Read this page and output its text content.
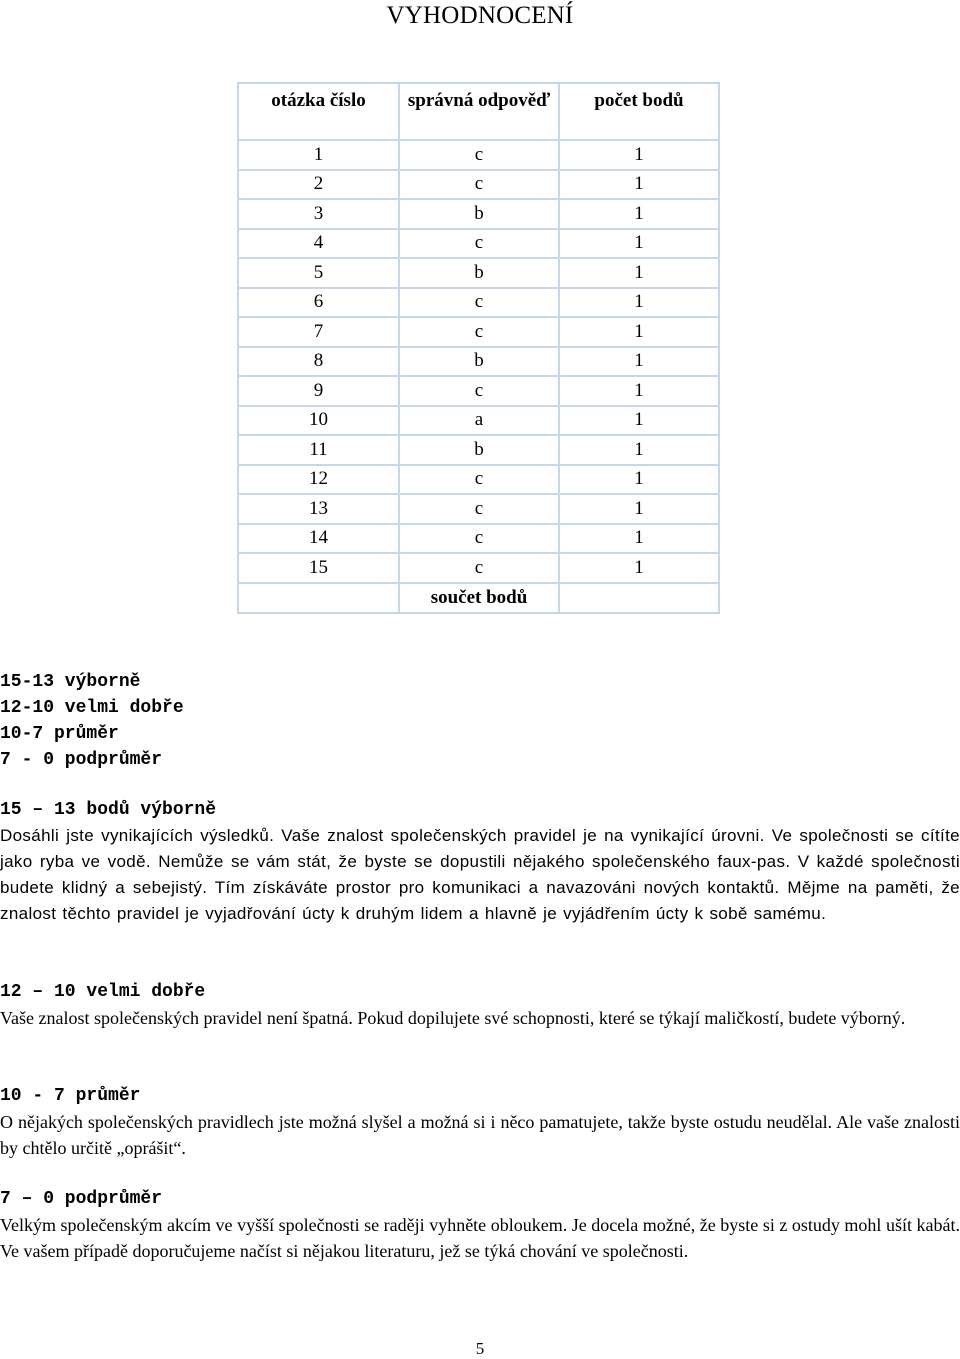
VYHODNOCENÍ
otázka číslo	správná odpověď	počet bodů
1	c	1
2	c	1
3	b	1
4	c	1
5	b	1
6	c	1
7	c	1
8	b	1
9	c	1
10	a	1
11	b	1
12	c	1
13	c	1
14	c	1
15	c	1
	součet bodů	
15-13 výborně
12-10 velmi dobře
10-7 průměr
7 - 0 podprůměr
15 – 13 bodů výborně

Dosáhli jste vynikajících výsledků. Vaše znalost společenských pravidel je na vynikající úrovni. Ve společnosti se cítíte jako ryba ve vodě. Nemůže se vám stát, že byste se dopustili nějakého společenského faux-pas. V každé společnosti budete klidný a sebejistý. Tím získáváte prostor pro komunikaci a navazováni nových kontaktů. Mějme na paměti, že znalost těchto pravidel je vyjadřování úcty k druhým lidem a hlavně je vyjádřením úcty k sobě samému.

12 – 10 velmi dobře

Vaše znalost společenských pravidel není špatná. Pokud dopilujete své schopnosti, které se týkají maličkostí, budete výborný.

10 - 7 průměr

O nějakých společenských pravidlech jste možná slyšel a možná si i něco pamatujete, takže byste ostudu neudělal. Ale vaše znalosti by chtělo určitě „oprášit“.

7 – 0 podprůměr

Velkým společenským akcím ve vyšší společnosti se raději vyhněte obloukem. Je docela možné, že byste si z ostudy mohl ušít kabát. Ve vašem případě doporučujeme načíst si nějakou literaturu, jež se týká chování ve společnosti.

5
